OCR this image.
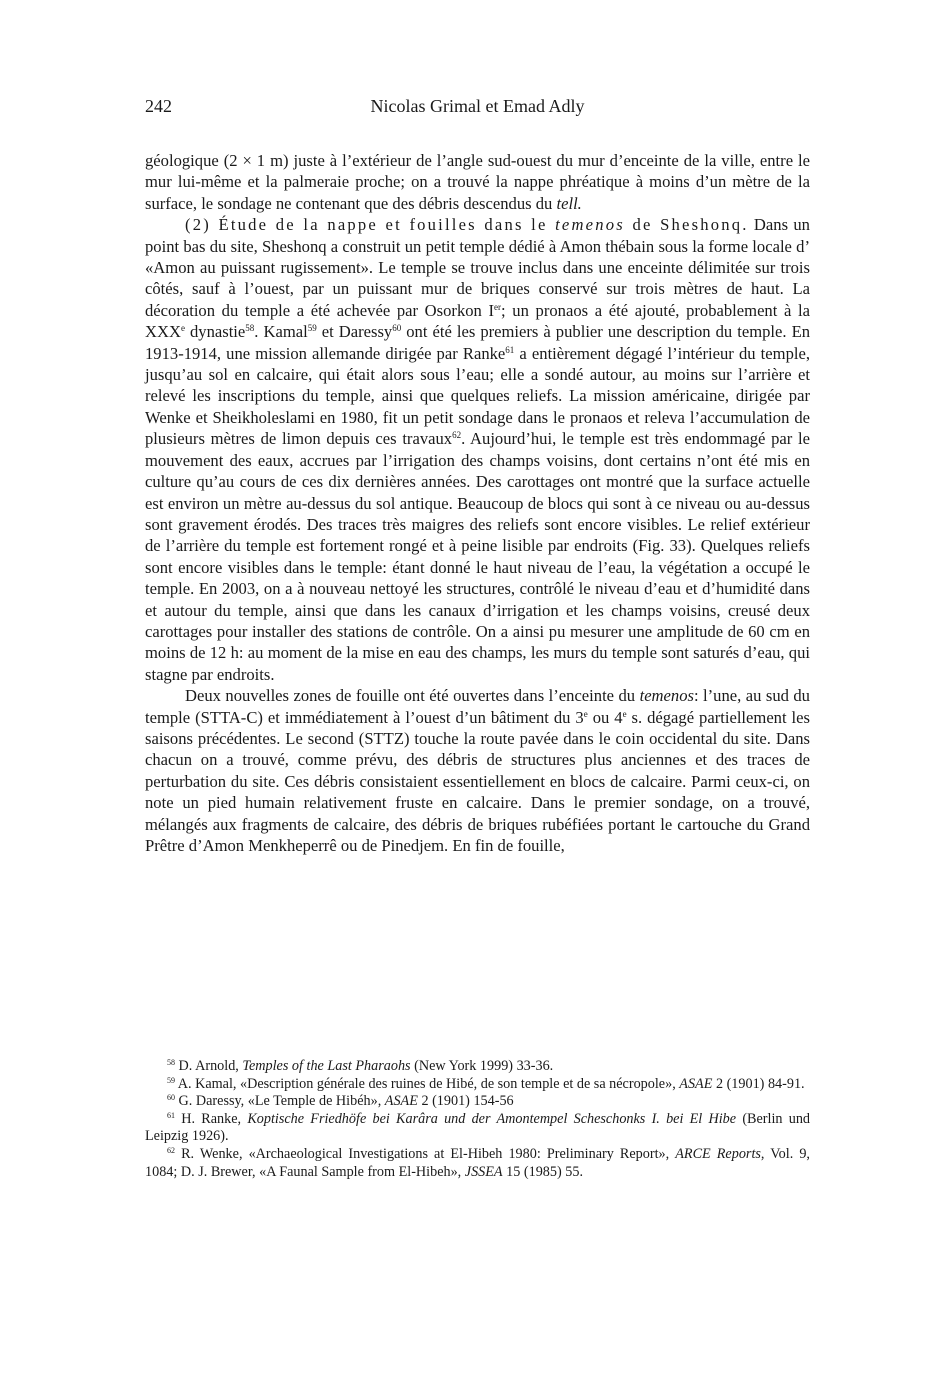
242	Nicolas Grimal et Emad Adly

géologique (2 × 1 m) juste à l’extérieur de l’angle sud-ouest du mur d’enceinte de la ville, entre le mur lui-même et la palmeraie proche; on a trouvé la nappe phréatique à moins d’un mètre de la surface, le sondage ne contenant que des débris descendus du tell.

(2) Étude de la nappe et fouilles dans le temenos de Sheshonq. Dans un point bas du site, Sheshonq a construit un petit temple dédié à Amon thébain sous la forme locale d’ «Amon au puissant rugissement». Le temple se trouve inclus dans une enceinte délimitée sur trois côtés, sauf à l’ouest, par un puissant mur de briques conservé sur trois mètres de haut. La décoration du temple a été achevée par Osorkon Ier; un pronaos a été ajouté, probablement à la XXXe dynastie$^{58}$. Kamal$^{59}$ et Daressy$^{60}$ ont été les premiers à publier une description du temple. En 1913-1914, une mission allemande dirigée par Ranke$^{61}$ a entièrement dégagé l’intérieur du temple, jusqu’au sol en calcaire, qui était alors sous l’eau; elle a sondé autour, au moins sur l’arrière et relevé les inscriptions du temple, ainsi que quelques reliefs. La mission américaine, dirigée par Wenke et Sheikholeslami en 1980, fit un petit sondage dans le pronaos et releva l’accumulation de plusieurs mètres de limon depuis ces travaux$^{62}$. Aujourd’hui, le temple est très endommagé par le mouvement des eaux, accrues par l’irrigation des champs voisins, dont certains n’ont été mis en culture qu’au cours de ces dix dernières années. Des carottages ont montré que la surface actuelle est environ un mètre au-dessus du sol antique. Beaucoup de blocs qui sont à ce niveau ou au-dessus sont gravement érodés. Des traces très maigres des reliefs sont encore visibles. Le relief extérieur de l’arrière du temple est fortement rongé et à peine lisible par endroits (Fig. 33). Quelques reliefs sont encore visibles dans le temple: étant donné le haut niveau de l’eau, la végétation a occupé le temple. En 2003, on a à nouveau nettoyé les structures, contrôlé le niveau d’eau et d’humidité dans et autour du temple, ainsi que dans les canaux d’irrigation et les champs voisins, creusé deux carottages pour installer des stations de contrôle. On a ainsi pu mesurer une amplitude de 60 cm en moins de 12 h: au moment de la mise en eau des champs, les murs du temple sont saturés d’eau, qui stagne par endroits.

Deux nouvelles zones de fouille ont été ouvertes dans l’enceinte du temenos: l’une, au sud du temple (STTA-C) et immédiatement à l’ouest d’un bâtiment du 3e ou 4e s. dégagé partiellement les saisons précédentes. Le second (STTZ) touche la route pavée dans le coin occidental du site. Dans chacun on a trouvé, comme prévu, des débris de structures plus anciennes et des traces de perturbation du site. Ces débris consistaient essentiellement en blocs de calcaire. Parmi ceux-ci, on note un pied humain relativement fruste en calcaire. Dans le premier sondage, on a trouvé, mélangés aux fragments de calcaire, des débris de briques rubéfiées portant le cartouche du Grand Prêtre d’Amon Menkheperrê ou de Pinedjem. En fin de fouille,

$^{58}$ D. Arnold, Temples of the Last Pharaohs (New York 1999) 33-36.

$^{59}$ A. Kamal, «Description générale des ruines de Hibé, de son temple et de sa nécropole», ASAE 2 (1901) 84-91.

$^{60}$ G. Daressy, «Le Temple de Hibéh», ASAE 2 (1901) 154-56

$^{61}$ H. Ranke, Koptische Friedhöfe bei Karâra und der Amontempel Scheschonks I. bei El Hibe (Berlin und Leipzig 1926).

$^{62}$ R. Wenke, «Archaeological Investigations at El-Hibeh 1980: Preliminary Report», ARCE Reports, Vol. 9, 1084; D. J. Brewer, «A Faunal Sample from El-Hibeh», JSSEA 15 (1985) 55.
